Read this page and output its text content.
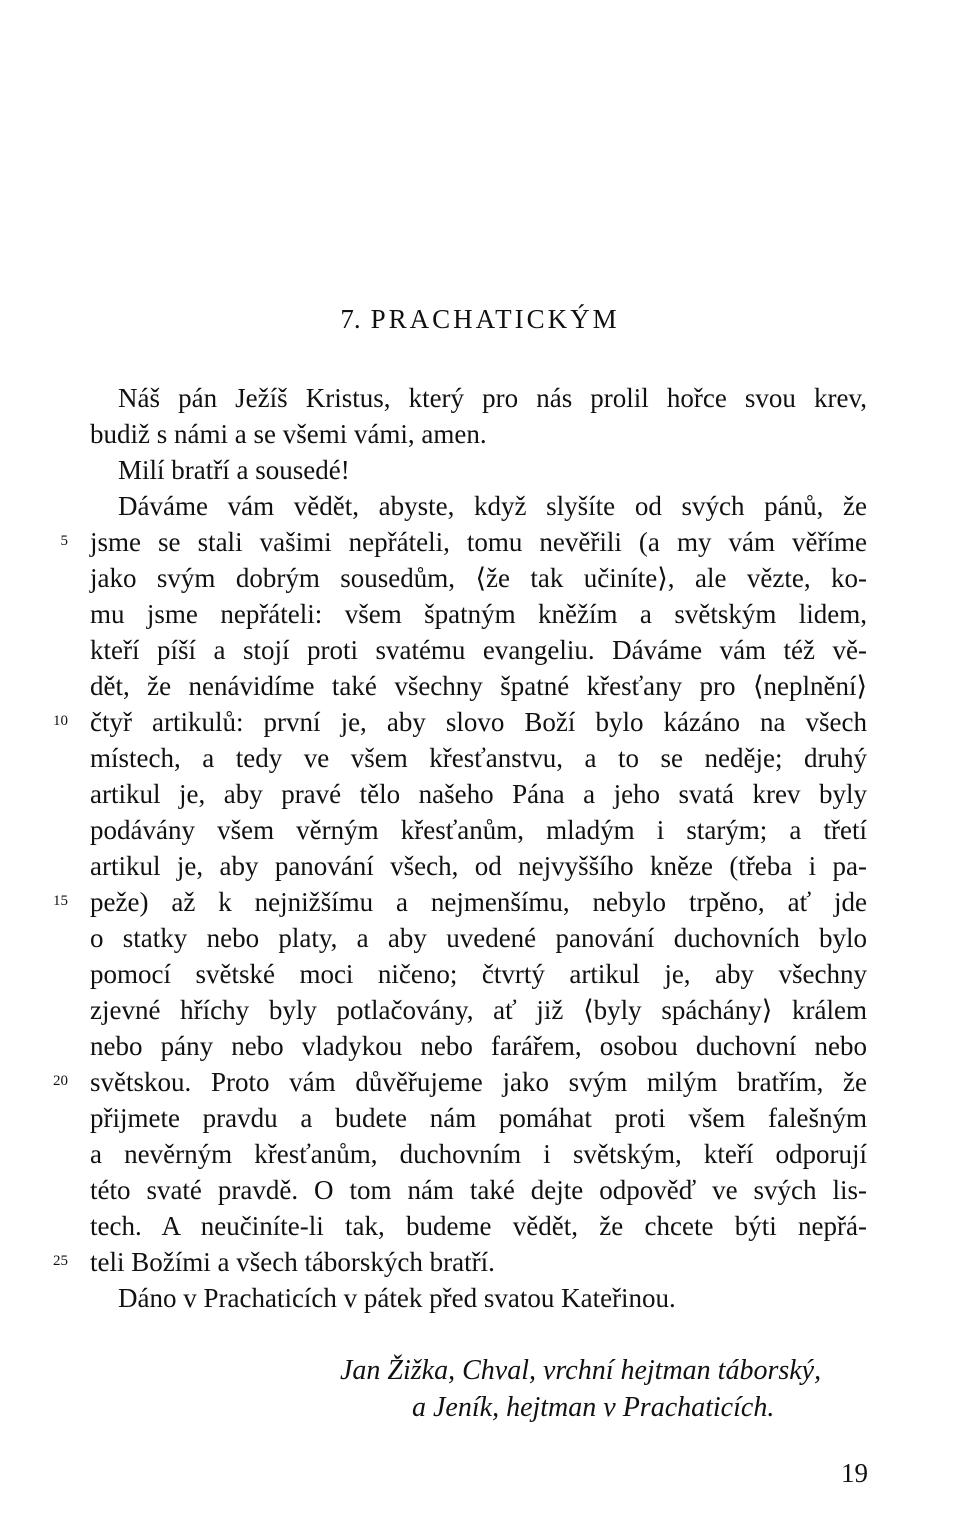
7. PRACHATICKÝM
Náš pán Ježíš Kristus, který pro nás prolil hořce svou krev,
budiž s námi a se všemi vámi, amen.
Milí bratří a sousedé!
Dáváme vám vědět, abyste, když slyšíte od svých pánů, že
jsme se stali vašimi nepřáteli, tomu nevěřili (a my vám věříme
jako svým dobrým sousedům, ⟨že tak učiníte⟩, ale vězte, ko-
mu jsme nepřáteli: všem špatným kněžím a světským lidem,
kteří píší a stojí proti svatému evangeliu. Dáváme vám též vě-
dět, že nenávidíme také všechny špatné křesťany pro ⟨neplnění⟩
čtyř artikulů: první je, aby slovo Boží bylo kázáno na všech
místech, a tedy ve všem křesťanstvu, a to se neděje; druhý
artikul je, aby pravé tělo našeho Pána a jeho svatá krev byly
podávány všem věrným křesťanům, mladým i starým; a třetí
artikul je, aby panování všech, od nejvyššího kněze (třeba i pa-
peže) až k nejnižšímu a nejmenšímu, nebylo trpěno, ať jde
o statky nebo platy, a aby uvedené panování duchovních bylo
pomocí světské moci ničeno; čtvrtý artikul je, aby všechny
zjevné hříchy byly potlačovány, ať již ⟨byly spáchány⟩ králem
nebo pány nebo vladykou nebo farářem, osobou duchovní nebo
světskou. Proto vám důvěřujeme jako svým milým bratřím, že
přijmete pravdu a budete nám pomáhat proti všem falešným
a nevěrným křesťanům, duchovním i světským, kteří odporují
této svaté pravdě. O tom nám také dejte odpověď ve svých lis-
tech. A neučiníte-li tak, budeme vědět, že chcete býti nepřá-
teli Božími a všech táborských bratří.
Dáno v Prachaticích v pátek před svatou Kateřinou.
5
10
15
20
25
Jan Žižka, Chval, vrchní hejtman táborský,
a Jeník, hejtman v Prachaticích.
19
